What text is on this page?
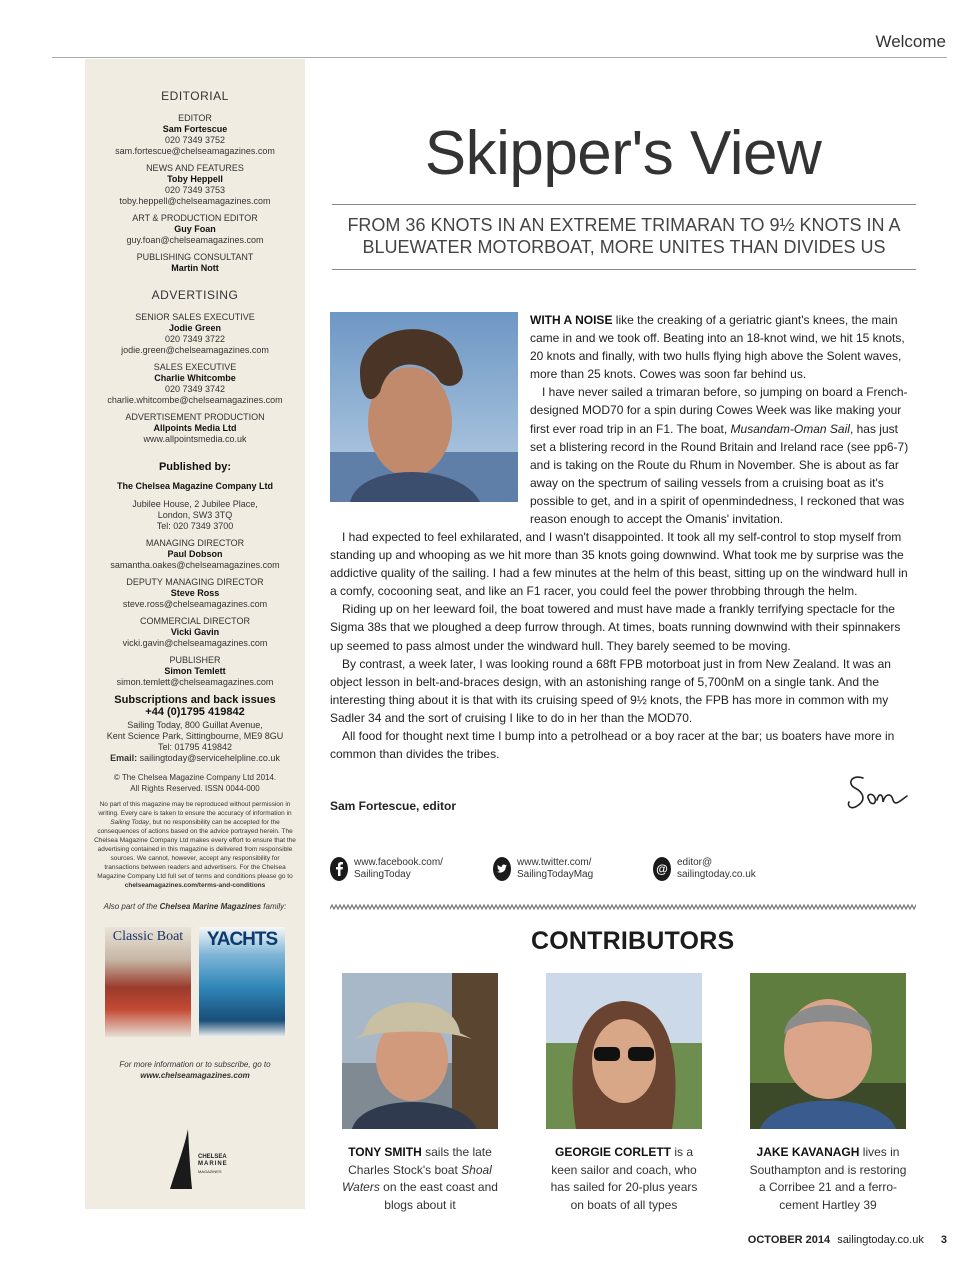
Welcome
EDITORIAL
EDITOR
Sam Fortescue
020 7349 3752
sam.fortescue@chelseamagazines.com
NEWS AND FEATURES
Toby Heppell
020 7349 3753
toby.heppell@chelseamagazines.com
ART & PRODUCTION EDITOR
Guy Foan
guy.foan@chelseamagazines.com
PUBLISHING CONSULTANT
Martin Nott
ADVERTISING
SENIOR SALES EXECUTIVE
Jodie Green
020 7349 3722
jodie.green@chelseamagazines.com
SALES EXECUTIVE
Charlie Whitcombe
020 7349 3742
charlie.whitcombe@chelseamagazines.com
ADVERTISEMENT PRODUCTION
Allpoints Media Ltd
www.allpointsmedia.co.uk
Published by:
The Chelsea Magazine Company Ltd
Jubilee House, 2 Jubilee Place,
London, SW3 3TQ
Tel: 020 7349 3700
MANAGING DIRECTOR
Paul Dobson
samantha.oakes@chelseamagazines.com
DEPUTY MANAGING DIRECTOR
Steve Ross
steve.ross@chelseamagazines.com
COMMERCIAL DIRECTOR
Vicki Gavin
vicki.gavin@chelseamagazines.com
PUBLISHER
Simon Temlett
simon.temlett@chelseamagazines.com
Subscriptions and back issues
+44 (0)1795 419842
Sailing Today, 800 Guillat Avenue,
Kent Science Park, Sittingbourne, ME9 8GU
Tel: 01795 419842
Email: sailingtoday@servicehelpline.co.uk
© The Chelsea Magazine Company Ltd 2014.
All Rights Reserved. ISSN 0044-000
No part of this magazine may be reproduced without permission in writing. Every care is taken to ensure the accuracy of information in Sailing Today, but no responsibility can be accepted for the consequences of actions based on the advice portrayed herein. The Chelsea Magazine Company Ltd makes every effort to ensure that the advertising contained in this magazine is delivered from responsible sources. We cannot, however, accept any responsibility for transactions between readers and advertisers. For the Chelsea Magazine Company Ltd full set of terms and conditions please go to chelseamagazines.com/terms-and-conditions
Also part of the Chelsea Marine Magazines family:
Classic Boat	YACHTS
For more information or to subscribe, go to
www.chelseamagazines.com
CHELSEA
MARINE
MAGAZINES
Skipper's View
FROM 36 KNOTS IN AN EXTREME TRIMARAN TO 9½ KNOTS IN A BLUEWATER MOTORBOAT, MORE UNITES THAN DIVIDES US

WITH A NOISE like the creaking of a geriatric giant's knees, the main came in and we took off. Beating into an 18-knot wind, we hit 15 knots, 20 knots and finally, with two hulls flying high above the Solent waves, more than 25 knots. Cowes was soon far behind us.

I have never sailed a trimaran before, so jumping on board a French-designed MOD70 for a spin during Cowes Week was like making your first ever road trip in an F1. The boat, Musandam-Oman Sail, has just set a blistering record in the Round Britain and Ireland race (see pp6-7) and is taking on the Route du Rhum in November. She is about as far away on the spectrum of sailing vessels from a cruising boat as it's possible to get, and in a spirit of openmindedness, I reckoned that was reason enough to accept the Omanis' invitation.

I had expected to feel exhilarated, and I wasn't disappointed. It took all my self-control to stop myself from standing up and whooping as we hit more than 35 knots going downwind. What took me by surprise was the addictive quality of the sailing. I had a few minutes at the helm of this beast, sitting up on the windward hull in a comfy, cocooning seat, and like an F1 racer, you could feel the power throbbing through the helm.

Riding up on her leeward foil, the boat towered and must have made a frankly terrifying spectacle for the Sigma 38s that we ploughed a deep furrow through. At times, boats running downwind with their spinnakers up seemed to pass almost under the windward hull. They barely seemed to be moving.

By contrast, a week later, I was looking round a 68ft FPB motorboat just in from New Zealand. It was an object lesson in belt-and-braces design, with an astonishing range of 5,700nM on a single tank. And the interesting thing about it is that with its cruising speed of 9½ knots, the FPB has more in common with my Sadler 34 and the sort of cruising I like to do in her than the MOD70.

All food for thought next time I bump into a petrolhead or a boy racer at the bar; us boaters have more in common than divides the tribes.

Sam Fortescue, editor
www.facebook.com/
SailingToday
www.twitter.com/
SailingTodayMag	@ editor@
sailingtoday.co.uk
CONTRIBUTORS
TONY SMITH sails the late Charles Stock's boat Shoal Waters on the east coast and blogs about it
GEORGIE CORLETT is a keen sailor and coach, who has sailed for 20-plus years on boats of all types
JAKE KAVANAGH lives in Southampton and is restoring a Corribee 21 and a ferro-cement Hartley 39
OCTOBER 2014 sailingtoday.co.uk 3
